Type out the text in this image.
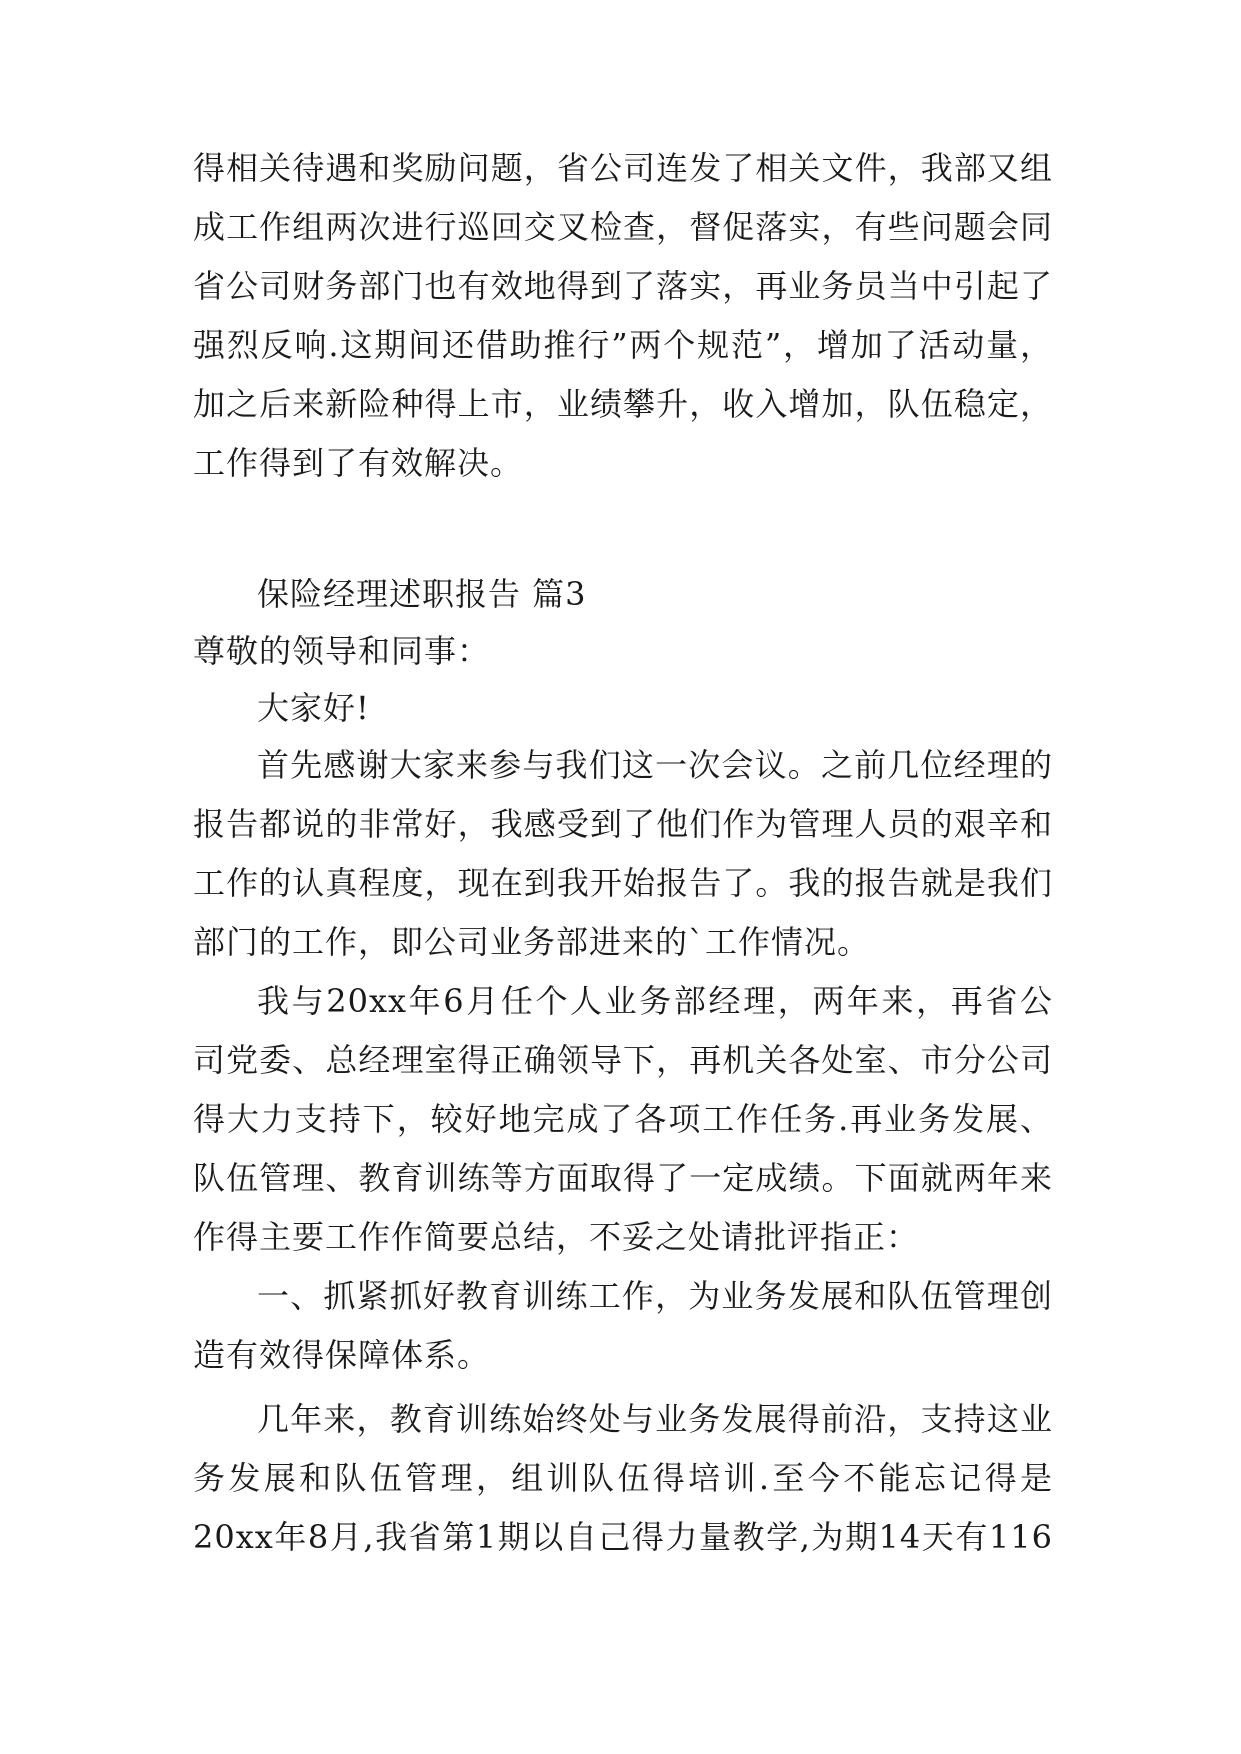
得相关待遇和奖励问题，省公司连发了相关文件，我部又组
成工作组两次进行巡回交叉检查，督促落实，有些问题会同
省公司财务部门也有效地得到了落实，再业务员当中引起了
强烈反响.这期间还借助推行”两个规范”，增加了活动量，
加之后来新险种得上市，业绩攀升，收入增加，队伍稳定，
工作得到了有效解决。
保险经理述职报告 篇3
尊敬的领导和同事：
大家好!
首先感谢大家来参与我们这一次会议。之前几位经理的
报告都说的非常好，我感受到了他们作为管理人员的艰辛和
工作的认真程度，现在到我开始报告了。我的报告就是我们
部门的工作，即公司业务部进来的`工作情况。
我与20xx年6月任个人业务部经理，两年来，再省公
司党委、总经理室得正确领导下，再机关各处室、市分公司
得大力支持下，较好地完成了各项工作任务.再业务发展、
队伍管理、教育训练等方面取得了一定成绩。下面就两年来
作得主要工作作简要总结，不妥之处请批评指正：
一、抓紧抓好教育训练工作，为业务发展和队伍管理创
造有效得保障体系。
几年来，教育训练始终处与业务发展得前沿，支持这业
务发展和队伍管理，组训队伍得培训.至今不能忘记得是
20xx年8月,我省第1期以自己得力量教学,为期14天有116
